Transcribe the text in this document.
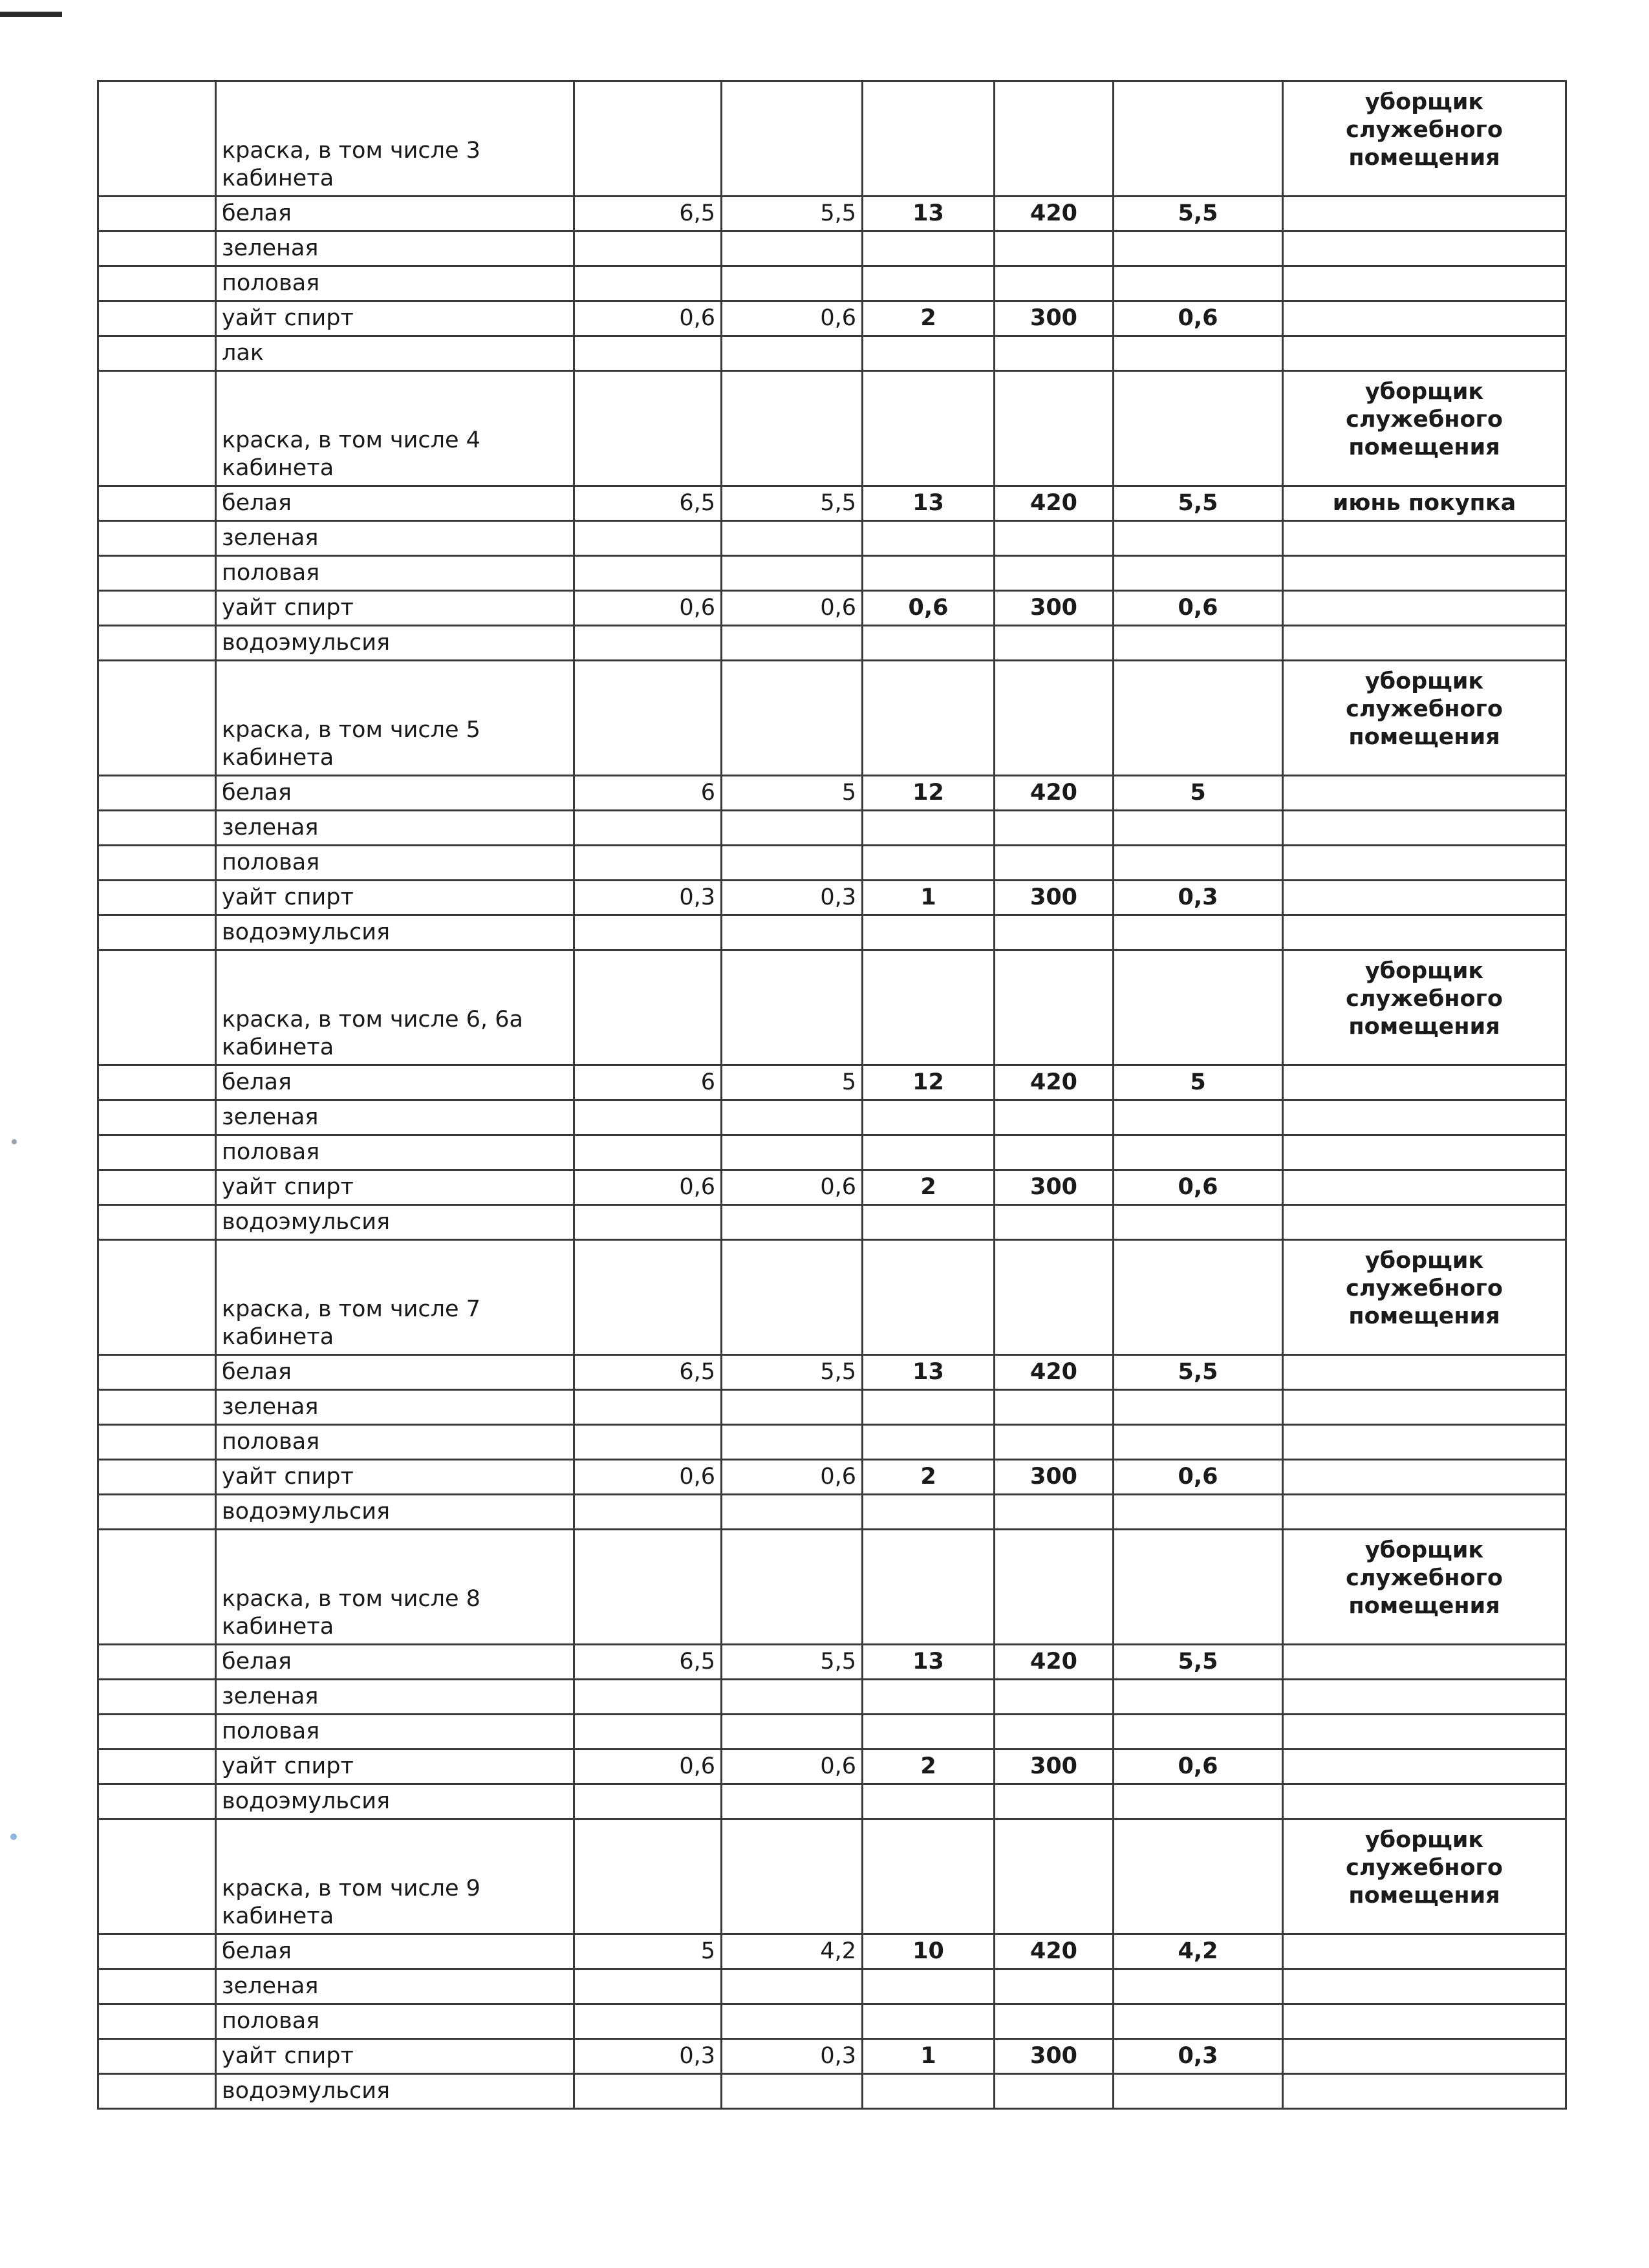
	краска, в том числе 3 кабинета						уборщик служебного помещения
	белая	6,5	5,5	13	420	5,5	
	зеленая						
	половая						
	уайт спирт	0,6	0,6	2	300	0,6	
	лак						
	краска, в том числе 4 кабинета						уборщик служебного помещения
	белая	6,5	5,5	13	420	5,5	июнь покупка
	зеленая						
	половая						
	уайт спирт	0,6	0,6	0,6	300	0,6	
	водоэмульсия						
	краска, в том числе 5 кабинета						уборщик служебного помещения
	белая	6	5	12	420	5	
	зеленая						
	половая						
	уайт спирт	0,3	0,3	1	300	0,3	
	водоэмульсия						
	краска, в том числе 6, 6а кабинета						уборщик служебного помещения
	белая	6	5	12	420	5	
	зеленая						
	половая						
	уайт спирт	0,6	0,6	2	300	0,6	
	водоэмульсия						
	краска, в том числе 7 кабинета						уборщик служебного помещения
	белая	6,5	5,5	13	420	5,5	
	зеленая						
	половая						
	уайт спирт	0,6	0,6	2	300	0,6	
	водоэмульсия						
	краска, в том числе 8 кабинета						уборщик служебного помещения
	белая	6,5	5,5	13	420	5,5	
	зеленая						
	половая						
	уайт спирт	0,6	0,6	2	300	0,6	
	водоэмульсия						
	краска, в том числе 9 кабинета						уборщик служебного помещения
	белая	5	4,2	10	420	4,2	
	зеленая						
	половая						
	уайт спирт	0,3	0,3	1	300	0,3	
	водоэмульсия						
